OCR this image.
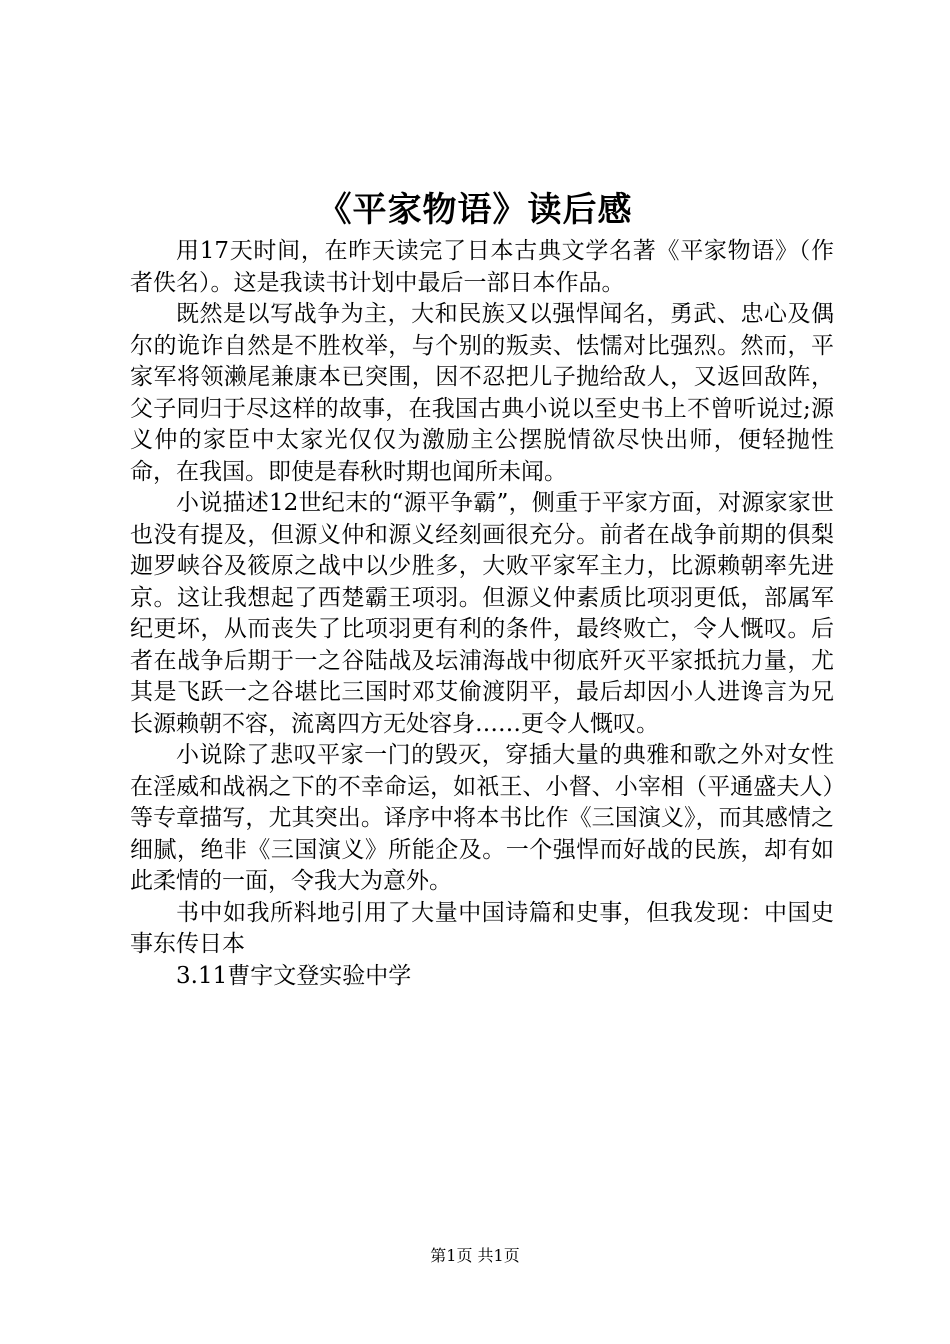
《平家物语》读后感

用17天时间，在昨天读完了日本古典文学名著《平家物语》（作者佚名）。这是我读书计划中最后一部日本作品。

既然是以写战争为主，大和民族又以强悍闻名，勇武、忠心及偶尔的诡诈自然是不胜枚举，与个别的叛卖、怯懦对比强烈。然而，平家军将领濑尾兼康本已突围，因不忍把儿子抛给敌人，又返回敌阵，父子同归于尽这样的故事，在我国古典小说以至史书上不曾听说过;源义仲的家臣中太家光仅仅为激励主公摆脱情欲尽快出师，便轻抛性命，在我国。即使是春秋时期也闻所未闻。

小说描述12世纪末的“源平争霸”，侧重于平家方面，对源家家世也没有提及，但源义仲和源义经刻画很充分。前者在战争前期的俱梨迦罗峡谷及筱原之战中以少胜多，大败平家军主力，比源赖朝率先进京。这让我想起了西楚霸王项羽。但源义仲素质比项羽更低，部属军纪更坏，从而丧失了比项羽更有利的条件，最终败亡，令人慨叹。后者在战争后期于一之谷陆战及坛浦海战中彻底歼灭平家抵抗力量，尤其是飞跃一之谷堪比三国时邓艾偷渡阴平，最后却因小人进谗言为兄长源赖朝不容，流离四方无处容身……更令人慨叹。

小说除了悲叹平家一门的毁灭，穿插大量的典雅和歌之外对女性在淫威和战祸之下的不幸命运，如祇王、小督、小宰相（平通盛夫人）等专章描写，尤其突出。译序中将本书比作《三国演义》，而其感情之细腻，绝非《三国演义》所能企及。一个强悍而好战的民族，却有如此柔情的一面，令我大为意外。

书中如我所料地引用了大量中国诗篇和史事，但我发现：中国史事东传日本

3.11曹宇文登实验中学

第1页 共1页
